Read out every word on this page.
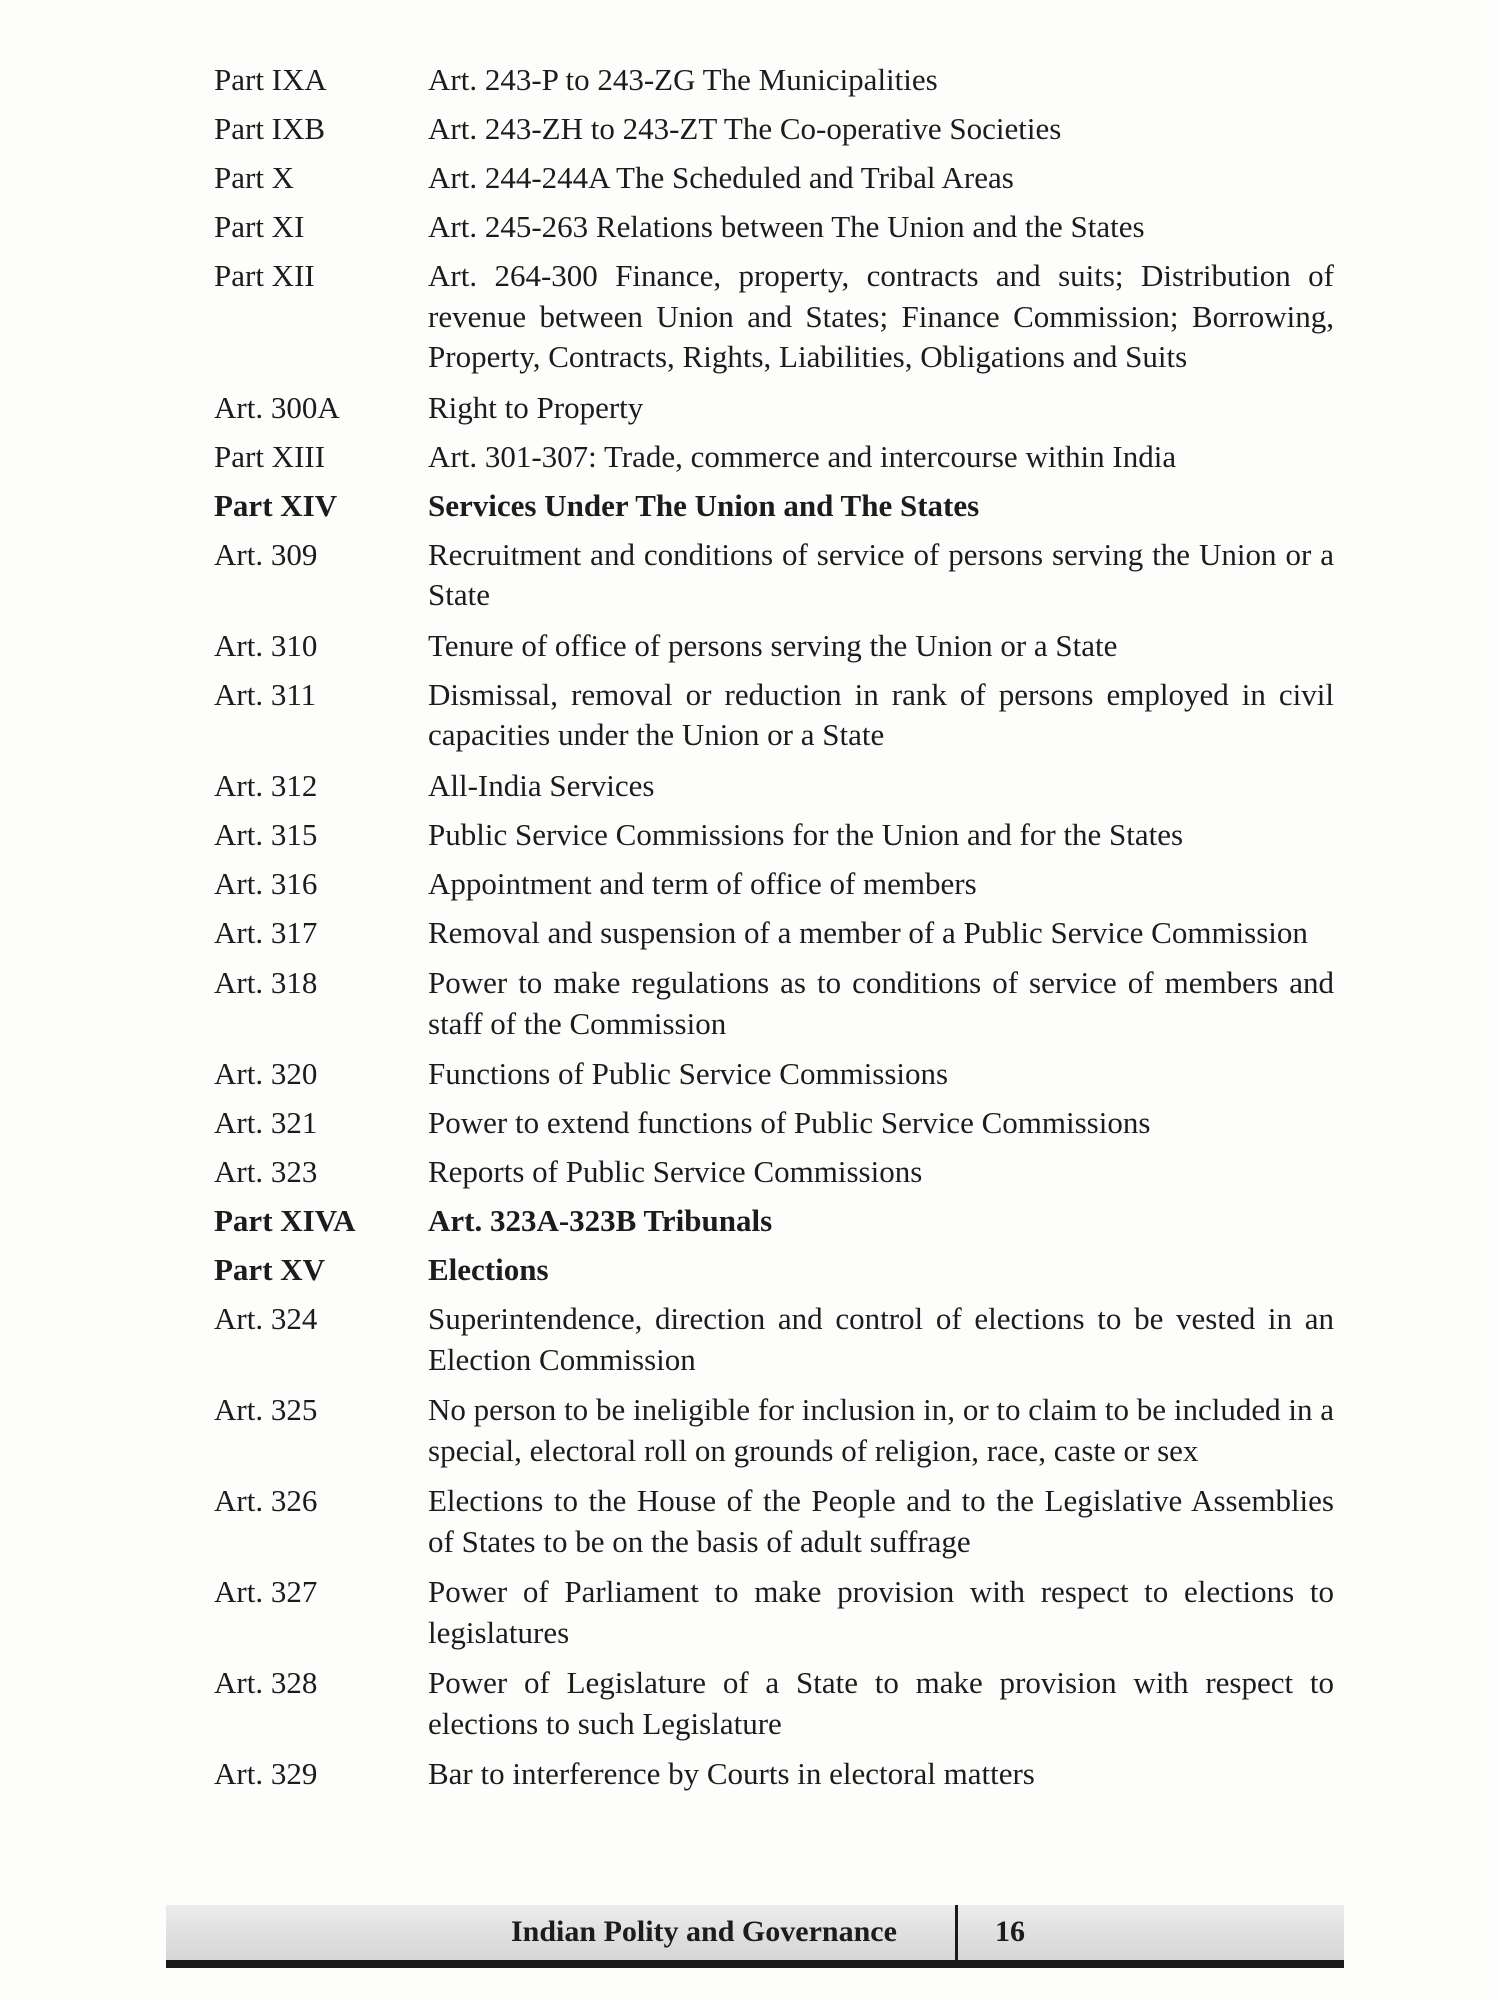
Part IXA	Art. 243-P to 243-ZG The Municipalities
Part IXB	Art. 243-ZH to 243-ZT The Co-operative Societies
Part X	Art. 244-244A The Scheduled and Tribal Areas
Part XI	Art. 245-263 Relations between The Union and the States
Part XII	Art. 264-300 Finance, property, contracts and suits; Distribution of revenue between Union and States; Finance Commission; Borrowing, Property, Contracts, Rights, Liabilities, Obligations and Suits
Art. 300A	Right to Property
Part XIII	Art. 301-307: Trade, commerce and intercourse within India
Part XIV	Services Under The Union and The States
Art. 309	Recruitment and conditions of service of persons serving the Union or a State
Art. 310	Tenure of office of persons serving the Union or a State
Art. 311	Dismissal, removal or reduction in rank of persons employed in civil capacities under the Union or a State
Art. 312	All-India Services
Art. 315	Public Service Commissions for the Union and for the States
Art. 316	Appointment and term of office of members
Art. 317	Removal and suspension of a member of a Public Service Commission
Art. 318	Power to make regulations as to conditions of service of members and staff of the Commission
Art. 320	Functions of Public Service Commissions
Art. 321	Power to extend functions of Public Service Commissions
Art. 323	Reports of Public Service Commissions
Part XIVA	Art. 323A-323B Tribunals
Part XV	Elections
Art. 324	Superintendence, direction and control of elections to be vested in an Election Commission
Art. 325	No person to be ineligible for inclusion in, or to claim to be included in a special, electoral roll on grounds of religion, race, caste or sex
Art. 326	Elections to the House of the People and to the Legislative Assemblies of States to be on the basis of adult suffrage
Art. 327	Power of Parliament to make provision with respect to elections to legislatures
Art. 328	Power of Legislature of a State to make provision with respect to elections to such Legislature
Art. 329	Bar to interference by Courts in electoral matters
Indian Polity and Governance	16
